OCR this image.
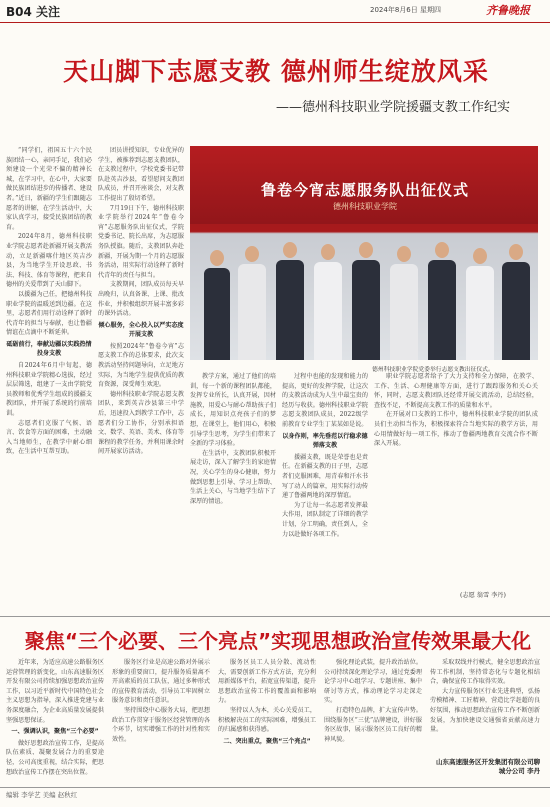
B04 关注	2024年8月6日 星期四	齐鲁晚报
天山脚下志愿支教 德州师生绽放风采
——德州科技职业学院援疆支教工作纪实

“同学们，祖国五十六个民族团结一心，亲同手足，我们必须建设一个光荣不偏的精神长城，在学习中，在心中，大家要做民族团结进步的传播者、建设者。”近日，新疆的学生们跟随志愿者的讲解，在学生活动中，大家认真学习，接受民族团结的教育。

2024年8月，德州科技职业学院志愿者赴新疆开展支教活动，立足新疆喀什地区英吉沙县，为当地学生开设思政、书法、科技、体育等课程，把来自德州的关爱带到了天山脚下。

以援疆为己任，把德州科技职业学院的温暖送到边疆。在这里，志愿者们用行动诠释了新时代青年的担当与奉献，也让鲁疆情谊在点滴中不断延伸。

砥砺前行，奉献边疆以实践热情投身支教

自2024年6月中旬起，德州科技职业学院精心选拔，经过层层筛选，组建了一支由学院党员教师和优秀学生组成的援疆支教团队，并开展了系统的行前培训。

志愿者们克服了气候、语言、饮食等方面的困难，主动融入当地师生，在教学中耐心细致，在生活中互帮互助。

团员讲授知识，专业优异的学生，被推荐到志愿支教团队，在支教过程中，学校党委书记带队赴英吉沙县，看望慰问支教团队成员，并召开座谈会，对支教工作提出了殷切希望。

7月19日下午，德州科技职业学院举行2024年“鲁卷今宵”志愿服务队出征仪式，学院党委书记、院长出席，为志愿服务队授旗。随后，支教团队奔赴新疆，开展为期一个月的志愿服务活动，用实际行动诠释了新时代青年的责任与担当。

支教期间，团队成员每天早出晚归，认真备课、上课、批改作业，并积极组织开展丰富多彩的课外活动。

倾心服务，全心投入以严实态度开展支教

按照2024年“鲁卷今宵”志愿支教工作的总体要求，此次支教活动坚持问题导向，立足地方实际，为当地学生提供优质的教育资源，深受师生欢迎。

德州科技职业学院志愿支教团队，来到英吉沙县第三中学后，迅速投入到教学工作中，志愿者们分工协作，分别承担语文、数学、英语、美术、体育等课程的教学任务，并利用课余时间开展家访活动。

鲁卷今宵志愿服务队出征仪式
德州科技职业学院
德州科技职业学院党委举行志愿支教出征仪式。

教学方案，通过了他们的培训，每一个新的课程团队都能，发挥专业所长，认真开展，因材施教，用爱心与耐心帮助孩子们成长，用知识点亮孩子们的梦想，在课堂上，他们用心，积极引导学生思考，为学生们带来了全新的学习体验。

在生活中，支教团队积极开展走访，深入了解学生的家庭情况，关心学生的身心健康，努力做到思想上引导、学习上帮助、生活上关心，与当地学生结下了深厚的情谊。

过程中也能的发现和能力的提高，更好的发挥学院，让这次的支教活动成为人生中最宝贵的经历与收获。德州科技职业学院志愿支教团队成员，2022级学前教育专业学生丁某某如是说。

以身作则，率先垂范以行稳求德弹落支教

援疆支教，既是荣誉也是责任。在新疆支教的日子里，志愿者们克服困难，用青春和汗水书写了动人的篇章，用实际行动传递了鲁疆两地的深厚情谊。

为了让每一名志愿者发挥最大作用，团队制定了详细的教学计划，分工明确，责任到人，全力以赴做好各项工作。

职业学院志愿者给予了大力支持和全力保障，在教学、工作、生活、心理健康等方面，进行了跟踪服务和关心关怀，同时，志愿支教团队还经常开展交流活动，总结经验，查找不足，不断提高支教工作的质量和水平。

在开展对口支教的工作中，德州科技职业学院的团队成员们主动担当作为，积极探索符合当地实际的教学方法，用心用情做好每一项工作，推动了鲁疆两地教育交流合作不断深入开展。

(志愿 翁雪 李丹)
聚焦“三个必要、三个亮点”实现思想政治宣传效果最大化

近年来，为适应高速公路服务区运营管理的新变化，山东高速服务区开发有限公司持续加强思想政治宣传工作，以习近平新时代中国特色社会主义思想为指导，深入推进党建与业务深度融合，为企业高质量发展提供坚强思想保证。

一、强调认识，聚焦“三个必要”

做好思想政治宣传工作，是提高队伍素质、凝聚发展合力的重要途径，公司高度重视，结合实际，把思想政治宣传工作摆在突出位置。

服务区行业是高速公路对外展示形象的重要窗口，提升服务质量离不开高素质的员工队伍，通过多种形式的宣传教育活动，引导员工牢固树立服务意识和责任意识。

坚持围绕中心服务大局，把思想政治工作贯穿于服务区经营管理的各个环节，切实增强工作的针对性和实效性。

服务区员工人员分散、流动性大，需要创新工作方式方法，充分利用新媒体平台，拓宽宣传渠道，提升思想政治宣传工作的覆盖面和影响力。

坚持以人为本，关心关爱员工，积极解决员工的实际困难，增强员工的归属感和获得感。

二、突出重点，聚焦“三个亮点”

强化理论武装，提升政治站位。公司持续深化理论学习，通过党委理论学习中心组学习、专题讲座、集中研讨等方式，推动理论学习走深走实。

打造特色品牌，扩大宣传声势。围绕服务区“三优”品牌建设，讲好服务区故事，展示服务区员工良好的精神风貌。

采取双线并行模式，健全思想政治宣传工作机制，坚持常态化与专题化相结合，确保宣传工作取得实效。

大力宣传服务区行业先进典型，弘扬劳模精神、工匠精神，营造比学赶超的良好氛围，推动思想政治宣传工作不断创新发展，为加快建设交通强省贡献高速力量。

山东高速服务区开发集团有限公司聊城分公司 李丹
编辑 李学艺 美编 赵秋红
